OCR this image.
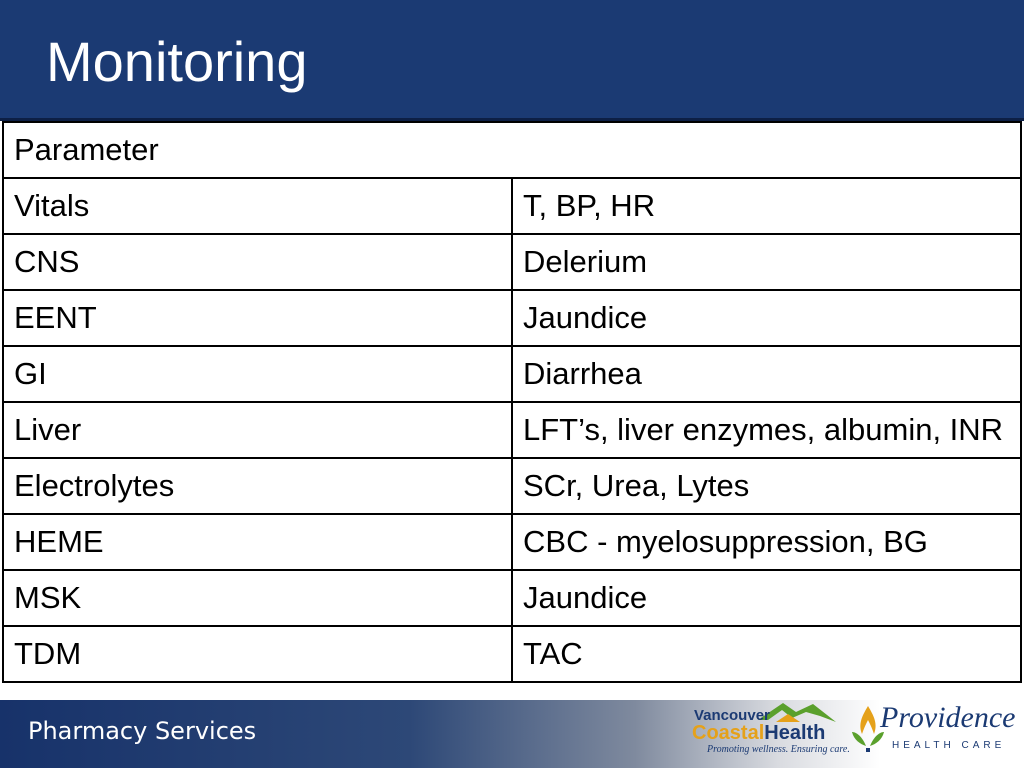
Monitoring
Parameter	
Vitals	T, BP, HR
CNS	Delerium
EENT	Jaundice
GI	Diarrhea
Liver	LFT’s, liver enzymes, albumin, INR
Electrolytes	SCr, Urea, Lytes
HEME	CBC - myelosuppression, BG
MSK	Jaundice
TDM	TAC
Pharmacy Services
Vancouver
CoastalHealth
Promoting wellness. Ensuring care.
Providence
HEALTH CARE
